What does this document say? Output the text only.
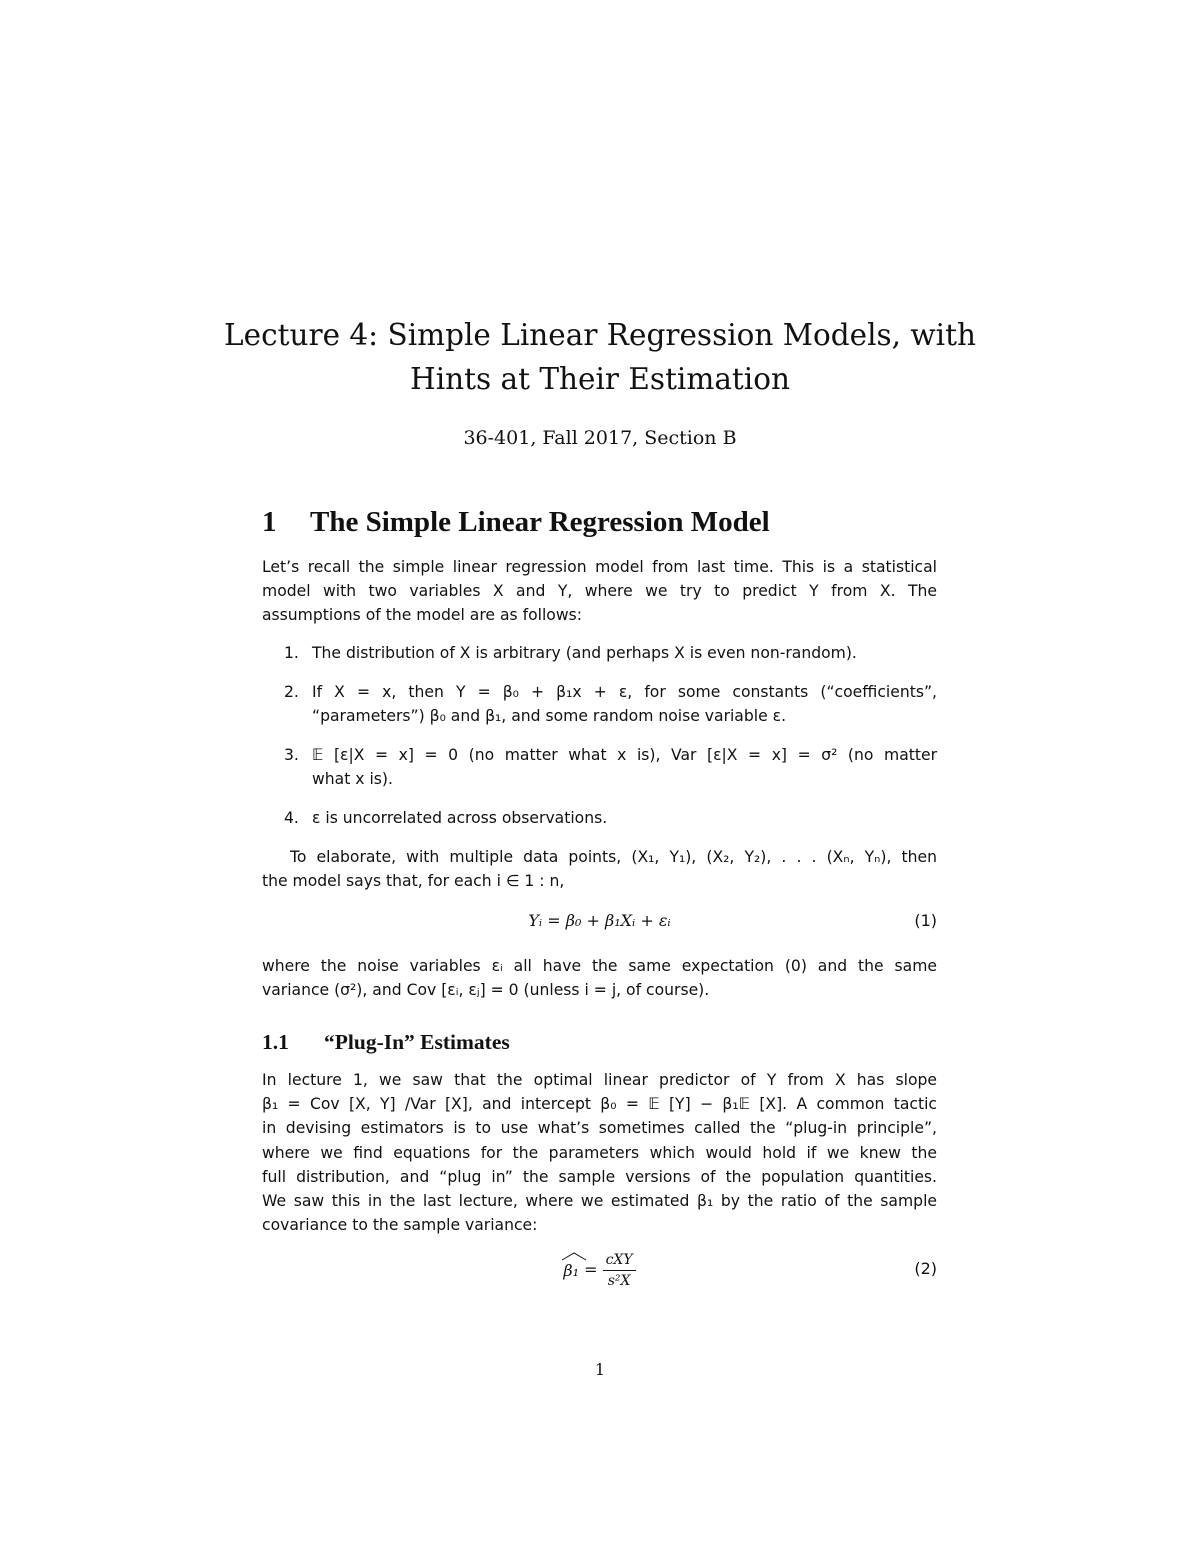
Lecture 4: Simple Linear Regression Models, with
Hints at Their Estimation
36-401, Fall 2017, Section B
1 The Simple Linear Regression Model
Let’s recall the simple linear regression model from last time. This is a statistical
model with two variables X and Y, where we try to predict Y from X. The
assumptions of the model are as follows:
1. The distribution of X is arbitrary (and perhaps X is even non-random).
2. If X = x, then Y = β₀ + β₁x + ε, for some constants (“coefficients”,
“parameters”) β₀ and β₁, and some random noise variable ε.
3. 𝔼 [ε|X = x] = 0 (no matter what x is), Var [ε|X = x] = σ² (no matter
what x is).
4. ε is uncorrelated across observations.
To elaborate, with multiple data points, (X₁, Y₁), (X₂, Y₂), . . . (Xₙ, Yₙ), then
the model says that, for each i ∈ 1 : n,
Yᵢ = β₀ + β₁Xᵢ + εᵢ	(1)
where the noise variables εᵢ all have the same expectation (0) and the same
variance (σ²), and Cov [εᵢ, εⱼ] = 0 (unless i = j, of course).
1.1 “Plug-In” Estimates
In lecture 1, we saw that the optimal linear predictor of Y from X has slope
β₁ = Cov [X, Y] /Var [X], and intercept β₀ = 𝔼 [Y] − β₁𝔼 [X]. A common tactic
in devising estimators is to use what’s sometimes called the “plug-in principle”,
where we find equations for the parameters which would hold if we knew the
full distribution, and “plug in” the sample versions of the population quantities.
We saw this in the last lecture, where we estimated β₁ by the ratio of the sample
covariance to the sample variance:
$\beta_1 = \frac{\text{cXY}}{\text{s²X}}$	(2)
1
